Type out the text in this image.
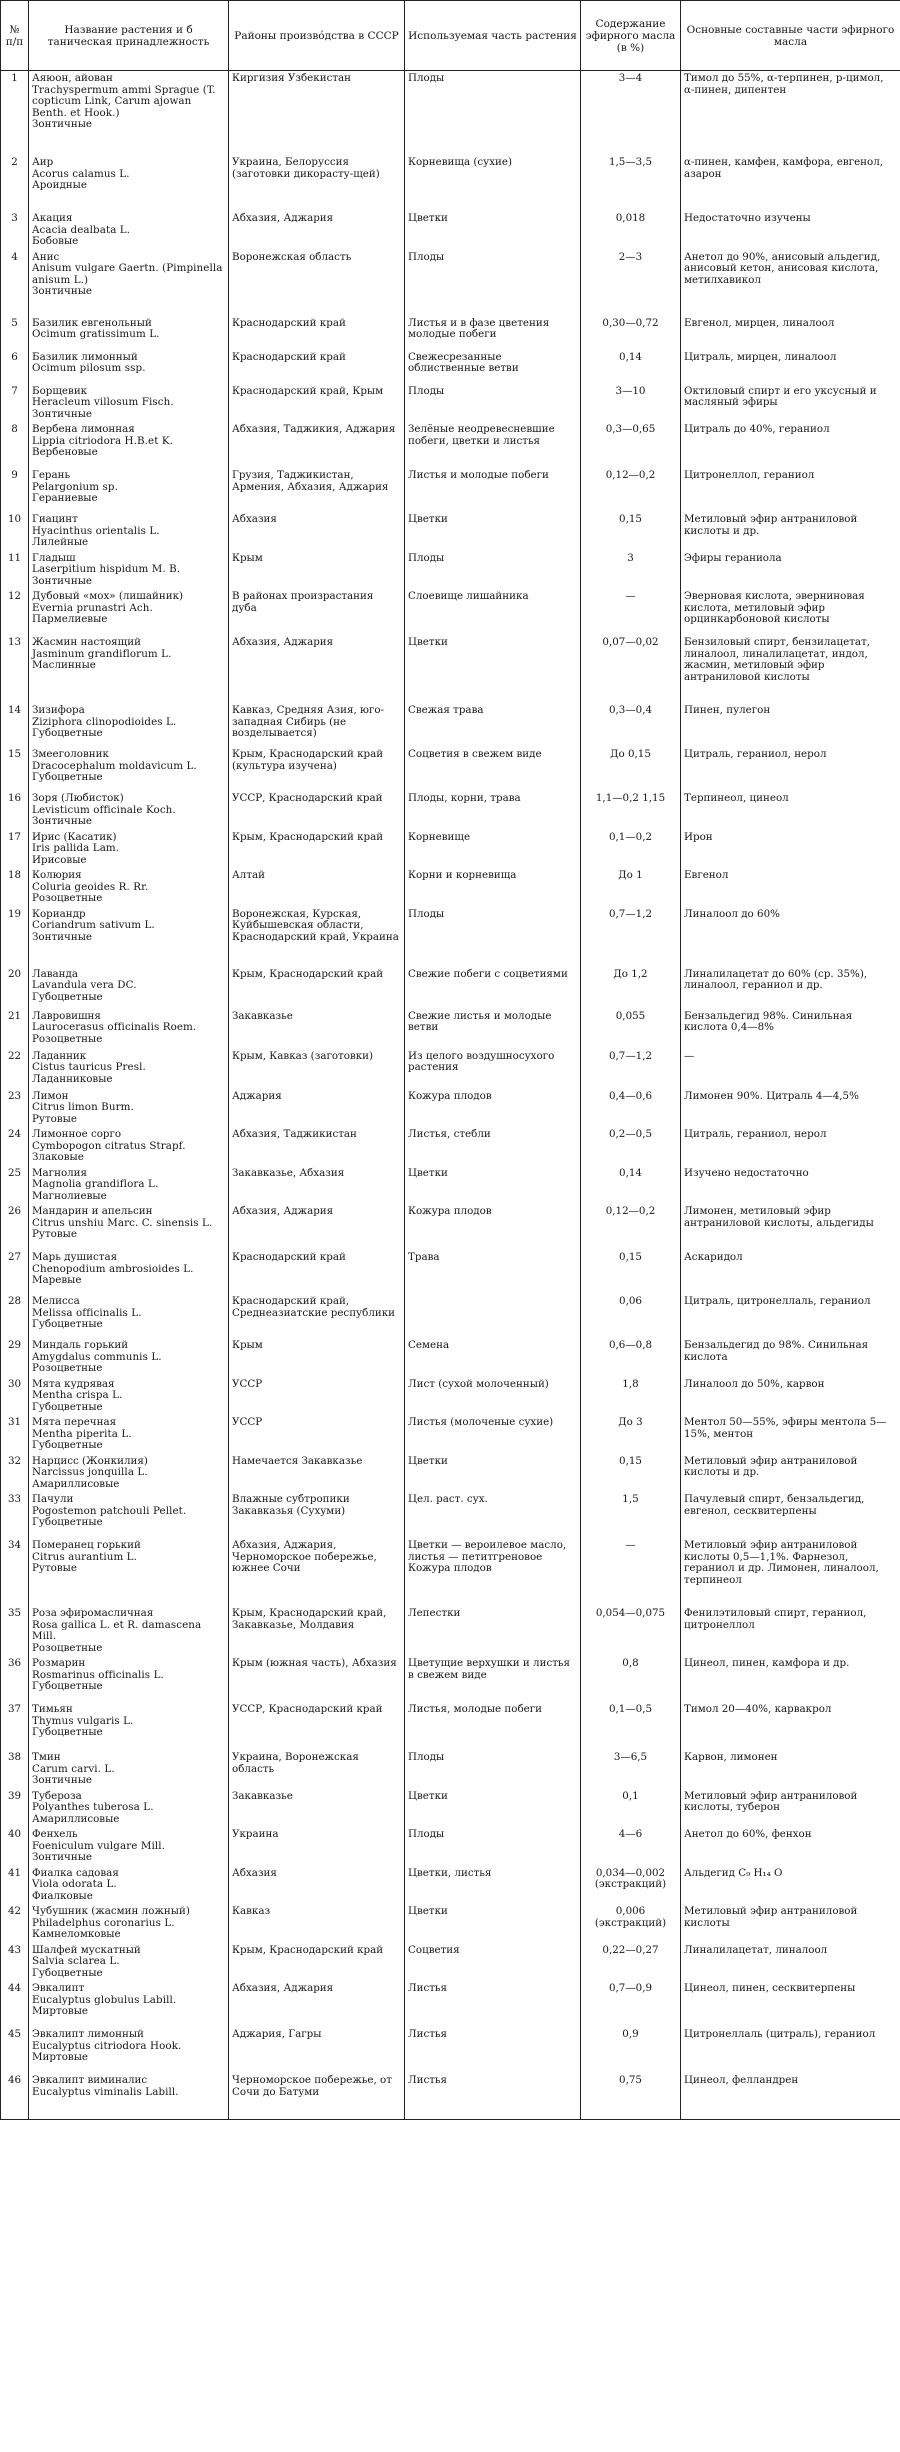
№ п/п	Название растения и б таническая принадлежность	Районы произво́дства в СССР	Используемая часть растения	Содержание эфирного масла (в %)	Основные составные части эфирного масла
1	Аяюон, айован
Trachyspermum ammi Sprague (T. copticum Link, Carum ajowan Benth. et Hook.)
Зонтичные	Киргизия Узбекистан	Плоды	3—4	Тимол до 55%, α-терпинен, р-цимол, α-пинен, дипентен
2	Аир
Acorus calamus L.
Ароидные	Украина, Белоруссия (заготовки дикорасту-щей)	Корневища (сухие)	1,5—3,5	α-пинен, камфен, камфора, евгенол, азарон
3	Акация
Acacia dealbata L.
Бобовые	Абхазия, Аджария	Цветки	0,018	Недостаточно изучены
4	Анис
Anisum vulgare Gaertn. (Pimpinella anisum L.)
Зонтичные	Воронежская область	Плоды	2—3	Анетол до 90%, анисовый альдегид, анисовый кетон, анисовая кислота, метилхавикол
5	Базилик евгенольный
Ocimum gratissimum L.	Краснодарский край	Листья и в фазе цветения молодые побеги	0,30—0,72	Евгенол, мирцен, линалоол
6	Базилик лимонный
Ocimum pilosum ssp.	Краснодарский край	Свежесрезанные облиственные ветви	0,14	Цитраль, мирцен, линалоол
7	Борщевик
Heracleum villosum Fisch.
Зонтичные	Краснодарский край, Крым	Плоды	3—10	Октиловый спирт и его уксусный и масляный эфиры
8	Вербена лимонная
Lippia citriodora H.B.et K.
Вербеновые	Абхазия, Таджикия, Аджария	Зелёные неодревесневшие побеги, цветки и листья	0,3—0,65	Цитраль до 40%, гераниол
9	Герань
Pelargonium sp.
Гераниевые	Грузия, Таджикистан, Армения, Абхазия, Аджария	Листья и молодые побеги	0,12—0,2	Цитронеллол, гераниол
10	Гиацинт
Hyacinthus orientalis L.
Лилейные	Абхазия	Цветки	0,15	Метиловый эфир антраниловой кислоты и др.
11	Гладыш
Laserpitium hispidum M. B.
Зонтичные	Крым	Плоды	3	Эфиры гераниола
12	Дубовый «мох» (лишайник)
Evernia prunastri Ach.
Пармелиевые	В районах произрастания дуба	Слоевище лишайника	—	Эверновая кислота, эверниновая кислота, метиловый эфир орцинкарбоновой кислоты
13	Жасмин настоящий
Jasminum grandiflorum L.
Маслинные	Абхазия, Аджария	Цветки	0,07—0,02	Бензиловый спирт, бензилацетат, линалоол, линалилацетат, индол, жасмин, метиловый эфир антраниловой кислоты
14	Зизифора
Ziziphora clinopodioides L.
Губоцветные	Кавказ, Средняя Азия, юго-западная Сибирь (не возделывается)	Свежая трава	0,3—0,4	Пинен, пулегон
15	Змееголовник
Dracocephalum moldavicum L.
Губоцветные	Крым, Краснодарский край (культура изучена)	Соцветия в свежем виде	До 0,15	Цитраль, гераниол, нерол
16	Зоря (Любисток)
Levisticum officinale Koch.
Зонтичные	УССР, Краснодарский край	Плоды, корни, трава	1,1—0,2 1,15	Терпинеол, цинеол
17	Ирис (Касатик)
Iris pallida Lam.
Ирисовые	Крым, Краснодарский край	Корневище	0,1—0,2	Ирон
18	Колюрия
Coluria geoides R. Rr.
Розоцветные	Алтай	Корни и корневища	До 1	Евгенол
19	Кориандр
Coriandrum sativum L.
Зонтичные	Воронежская, Курская, Куйбышевская области, Краснодарский край, Украина	Плоды	0,7—1,2	Линалоол до 60%
20	Лаванда
Lavandula vera DC.
Губоцветные	Крым, Краснодарский край	Свежие побеги с соцветиями	До 1,2	Линалилацетат до 60% (ср. 35%), линалоол, гераниол и др.
21	Лавровишня
Laurocerasus officinalis Roem.
Розоцветные	Закавказье	Свежие листья и молодые ветви	0,055	Бензальдегид 98%. Синильная кислота 0,4—8%
22	Ладанник
Cistus tauricus Presl.
Ладанниковые	Крым, Кавказ (заготовки)	Из целого воздушносухого растения	0,7—1,2	—
23	Лимон
Citrus limon Burm.
Рутовые	Аджария	Кожура плодов	0,4—0,6	Лимонен 90%. Цитраль 4—4,5%
24	Лимонное сорго
Cymbopogon citratus Strapf.
Злаковые	Абхазия, Таджикистан	Листья, стебли	0,2—0,5	Цитраль, гераниол, нерол
25	Магнолия
Magnolia grandiflora L.
Магнолиевые	Закавказье, Абхазия	Цветки	0,14	Изучено недостаточно
26	Мандарин и апельсин
Citrus unshiu Marc. C. sinensis L.
Рутовые	Абхазия, Аджария	Кожура плодов	0,12—0,2	Лимонен, метиловый эфир антраниловой кислоты, альдегиды
27	Марь душистая
Chenopodium ambrosioides L.
Маревые	Краснодарский край	Трава	0,15	Аскаридол
28	Мелисса
Melissa officinalis L.
Губоцветные	Краснодарский край, Среднеазиатские республики		0,06	Цитраль, цитронеллаль, гераниол
29	Миндаль горький
Amygdalus communis L.
Розоцветные	Крым	Семена	0,6—0,8	Бензальдегид до 98%. Синильная кислота
30	Мята кудрявая
Mentha crispa L.
Губоцветные	УССР	Лист (сухой молоченный)	1,8	Линалоол до 50%, карвон
31	Мята перечная
Mentha piperita L.
Губоцветные	УССР	Листья (молоченые сухие)	До 3	Ментол 50—55%, эфиры ментола 5—15%, ментон
32	Нарцисс (Жонкилия)
Narcissus jonquilla L.
Амариллисовые	Намечается Закавказье	Цветки	0,15	Метиловый эфир антраниловой кислоты и др.
33	Пачули
Pogostemon patchouli Pellet.
Губоцветные	Влажные субтропики Закавказья (Сухуми)	Цел. раст. сух.	1,5	Пачулевый спирт, бензальдегид, евгенол, сесквитерпены
34	Померанец горький
Citrus aurantium L.
Рутовые	Абхазия, Аджария, Черноморское побережье, южнее Сочи	Цветки — вероилевое масло, листья — петитгреновое Кожура плодов	—	Метиловый эфир антраниловой кислоты 0,5—1,1%. Фарнезол, гераниол и др. Лимонен, линалоол, терпинеол
35	Роза эфиромасличная
Rosa gallica L. et R. damascena Mill.
Розоцветные	Крым, Краснодарский край, Закавказье, Молдавия	Лепестки	0,054—0,075	Фенилэтиловый спирт, гераниол, цитронеллол
36	Розмарин
Rosmarinus officinalis L.
Губоцветные	Крым (южная часть), Абхазия	Цветущие верхушки и листья в свежем виде	0,8	Цинеол, пинен, камфора и др.
37	Тимьян
Thymus vulgaris L.
Губоцветные	УССР, Краснодарский край	Листья, молодые побеги	0,1—0,5	Тимол 20—40%, карвакрол
38	Тмин
Carum carvi. L.
Зонтичные	Украина, Воронежская область	Плоды	3—6,5	Карвон, лимонен
39	Тубероза
Polyanthes tuberosa L.
Амариллисовые	Закавказье	Цветки	0,1	Метиловый эфир антраниловой кислоты, туберон
40	Фенхель
Foeniculum vulgare Mill.
Зонтичные	Украина	Плоды	4—6	Анетол до 60%, фенхон
41	Фиалка садовая
Viola odorata L.
Фиалковые	Абхазия	Цветки, листья	0,034—0,002 (экстракций)	Альдегид C₉ H₁₄ O
42	Чубушник (жасмин ложный)
Philadelphus coronarius L.
Камнеломковые	Кавказ	Цветки	0,006 (экстракций)	Метиловый эфир антраниловой кислоты
43	Шалфей мускатный
Salvia sclarea L.
Губоцветные	Крым, Краснодарский край	Соцветия	0,22—0,27	Линалилацетат, линалоол
44	Эвкалипт
Eucalyptus globulus Labill.
Миртовые	Абхазия, Аджария	Листья	0,7—0,9	Цинеол, пинен, сесквитерпены
45	Эвкалипт лимонный
Eucalyptus citriodora Hook.
Миртовые	Аджария, Гагры	Листья	0,9	Цитронеллаль (цитраль), гераниол
46	Эвкалипт виминалис
Eucalyptus viminalis Labill.	Черноморское побережье, от Сочи до Батуми	Листья	0,75	Цинеол, фелландрен
